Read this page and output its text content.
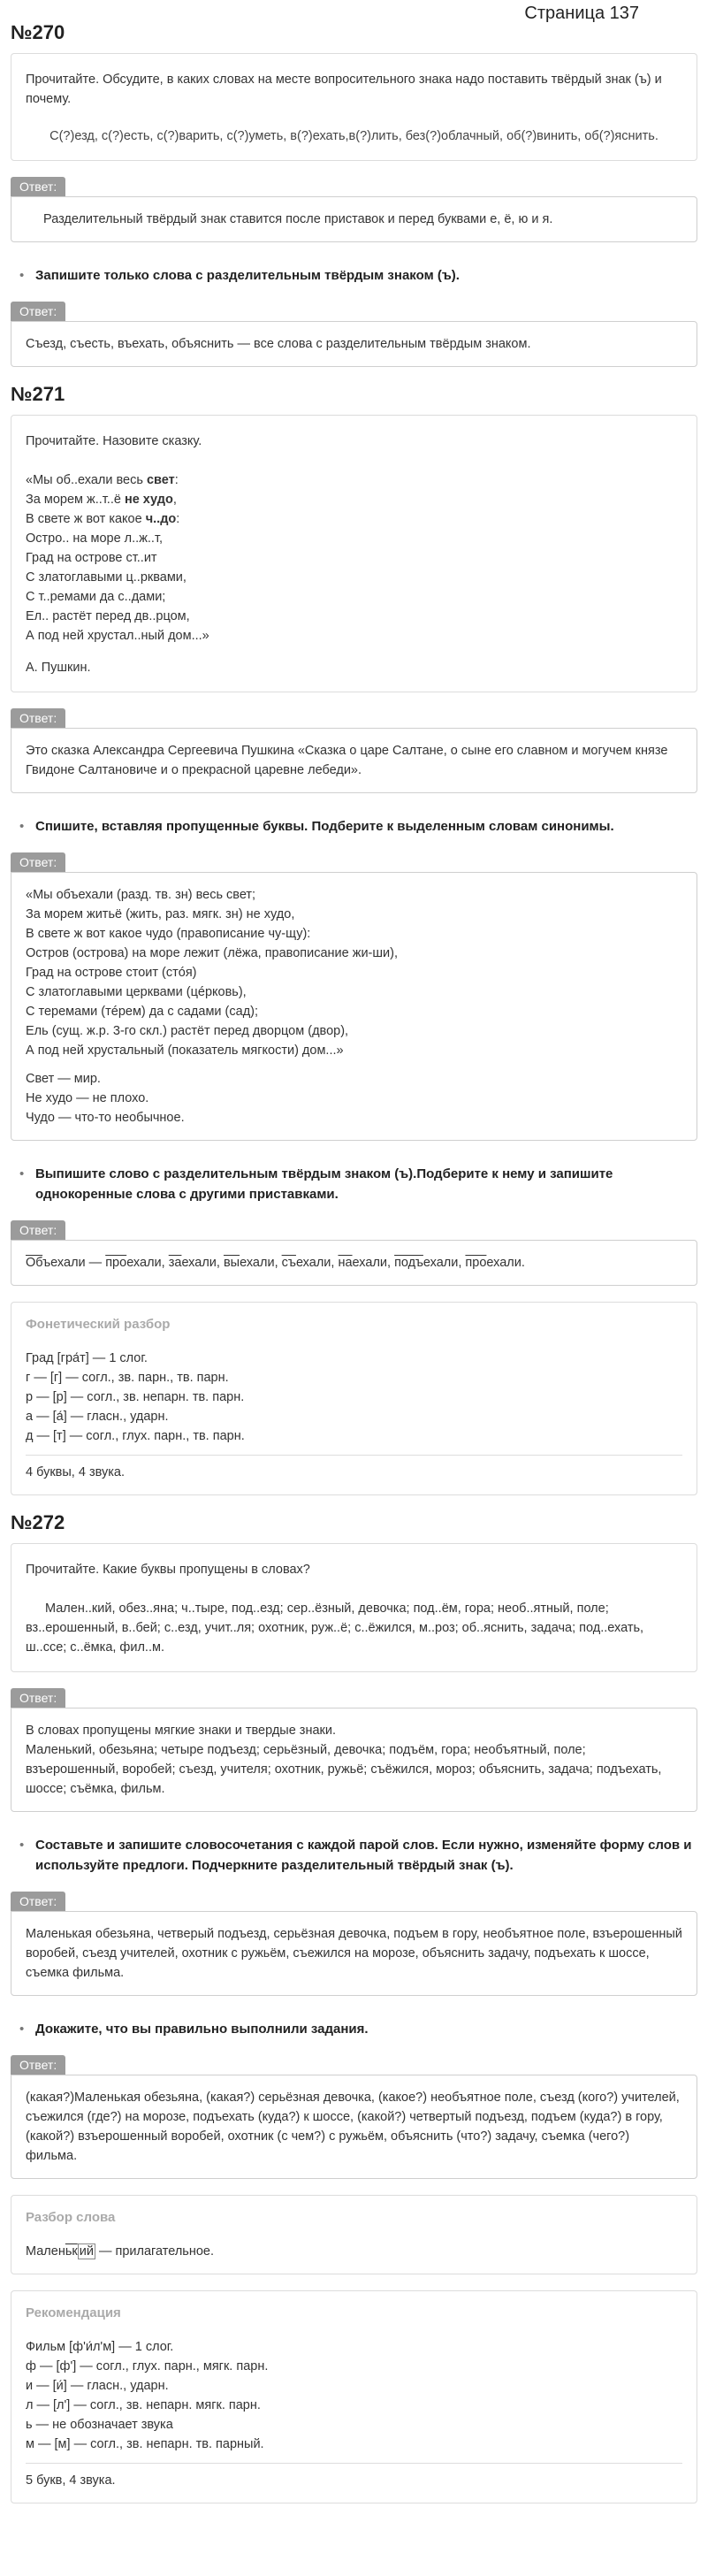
Страница 137
№270

Прочитайте. Обсудите, в каких словах на месте вопросительного знака надо поставить твёрдый знак (ъ) и почему.

С(?)езд, с(?)есть, с(?)варить, с(?)уметь, в(?)ехать,в(?)лить, без(?)облачный, об(?)винить, об(?)яснить.

Ответ:

Разделительный твёрдый знак ставится после приставок и перед буквами е, ё, ю и я.

• Запишите только слова с разделительным твёрдым знаком (ъ).

Ответ:

Съезд, съесть, въехать, объяснить — все слова с разделительным твёрдым знаком.

№271

Прочитайте. Назовите сказку.

«Мы об..ехали весь свет:

За морем ж..т..ё не худо,

В свете ж вот какое ч..до:

Остро.. на море л..ж..т,

Град на острове ст..ит

С златоглавыми ц..рквами,

С т..ремами да с..дами;

Ел.. растёт перед дв..рцом,

А под ней хрустал..ный дом...»

А. Пушкин.

Ответ:

Это сказка Александра Сергеевича Пушкина «Сказка о царе Салтане, о сыне его славном и могучем князе Гвидоне Салтановиче и о прекрасной царевне лебеди».

• Спишите, вставляя пропущенные буквы. Подберите к выделенным словам синонимы.

Ответ:

«Мы объехали (разд. тв. зн) весь свет;

За морем житьё (жить, раз. мягк. зн) не худо,

В свете ж вот какое чудо (правописание чу-щу):

Остров (острова) на море лежит (лёжа, правописание жи-ши),

Град на острове стоит (стóя)

С златоглавыми церквами (цéрковь),

С теремами (тéрем) да с садами (сад);

Ель (сущ. ж.р. 3-го скл.) растёт перед дворцом (двор),

А под ней хрустальный (показатель мягкости) дом...»

Свет — мир.

Не худо — не плохо.

Чудо — что-то необычное.

• Выпишите слово с разделительным твёрдым знаком (ъ).Подберите к нему и запишите однокоренные слова с другими приставками.

Ответ:

Объехали — проехали, заехали, выехали, съехали, наехали, подъехали, проехали.

Фонетический разбор

Град [гра́т] — 1 слог.

г — [г] — согл., зв. парн., тв. парн.

р — [р] — согл., зв. непарн. тв. парн.

а — [а́] — гласн., ударн.

д — [т] — согл., глух. парн., тв. парн.

4 буквы, 4 звука.

№272

Прочитайте. Какие буквы пропущены в словах?

Мален..кий, обез..яна; ч..тыре, под..езд; сер..ёзный, девочка; под..ём, гора; необ..ятный, поле; вз..ерошенный, в..бей; с..езд, учит..ля; охотник, руж..ё; с..ёжился, м..роз; об..яснить, задача; под..ехать, ш..ссе; с..ёмка, фил..м.

Ответ:

В словах пропущены мягкие знаки и твердые знаки.

Маленький, обезьяна; четыре подъезд; серьёзный, девочка; подъём, гора; необъятный, поле; взъерошенный, воробей; съезд, учителя; охотник, ружьё; съёжился, мороз; объяснить, задача; подъехать, шоссе; съёмка, фильм.

• Составьте и запишите словосочетания с каждой парой слов. Если нужно, изменяйте форму слов и используйте предлоги. Подчеркните разделительный твёрдый знак (ъ).

Ответ:

Маленькая обезьяна, четверый подъезд, серьёзная девочка, подъем в гору, необъятное поле, взъерошенный воробей, съезд учителей, охотник с ружьём, съежился на морозе, объяснить задачу, подъехать к шоссе, съемка фильма.

• Докажите, что вы правильно выполнили задания.

Ответ:

(какая?)Маленькая обезьяна, (какая?) серьёзная девочка, (какое?) необъятное поле, съезд (кого?) учителей, съежился (где?) на морозе, подъехать (куда?) к шоссе, (какой?) четвертый подъезд, подъем (куда?) в гору, (какой?) взъерошенный воробей, охотник (с чем?) с ружьём, объяснить (что?) задачу, съемка (чего?) фильма.

Разбор слова

Маленьк ий — прилагательное.

Рекомендация

Фильм [ф'и́л'м] — 1 слог.

ф — [ф'] — согл., глух. парн., мягк. парн.

и — [и́] — гласн., ударн.

л — [л'] — согл., зв. непарн. мягк. парн.

ь — не обозначает звука

м — [м] — согл., зв. непарн. тв. парный.

5 букв, 4 звука.
